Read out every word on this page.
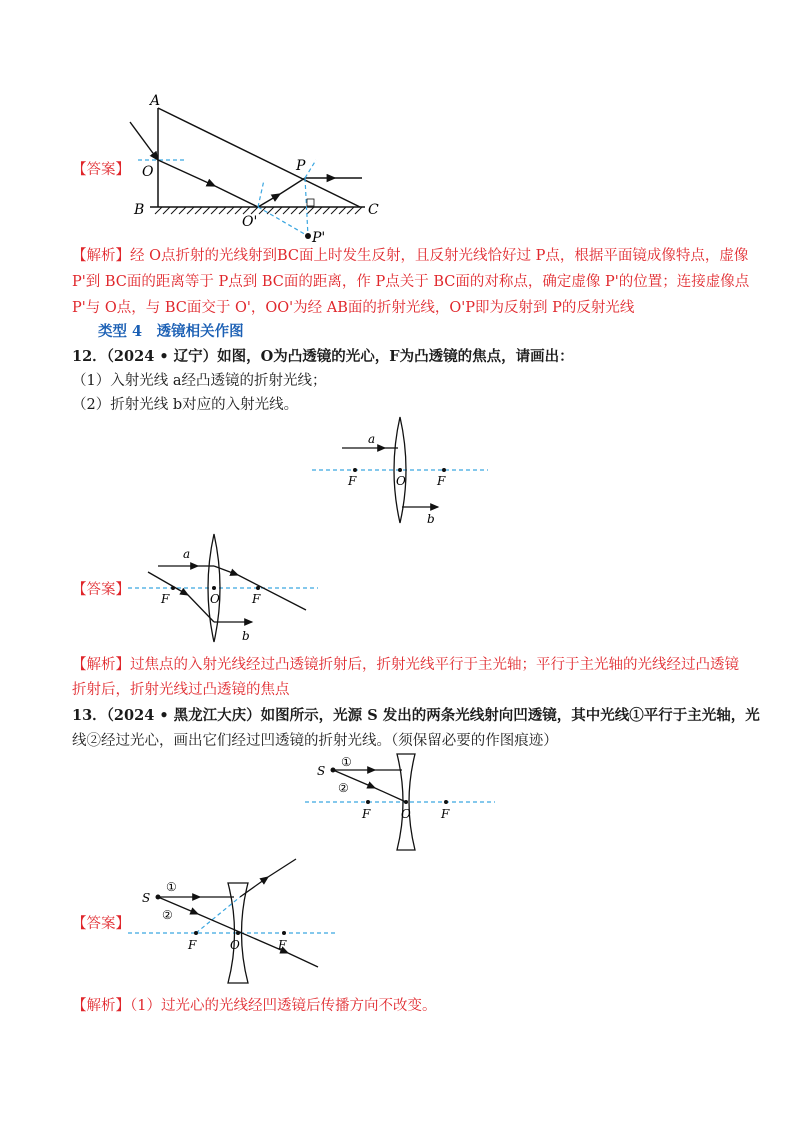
【答案】
A
O
B	C
O'
P
P'
【解析】经 O点折射的光线射到BC面上时发生反射，且反射光线恰好过 P点，根据平面镜成像特点，虚像
P'到 BC面的距离等于 P点到 BC面的距离，作 P点关于 BC面的对称点，确定虚像 P'的位置；连接虚像点
P'与 O点，与 BC面交于 O'，OO'为经 AB面的折射光线，O'P即为反射到 P的反射光线
类型 4　透镜相关作图
12．（2024 • 辽宁）如图，O为凸透镜的光心，F为凸透镜的焦点，请画出：
（1）入射光线 a经凸透镜的折射光线；
（2）折射光线 b对应的入射光线。
a
b
F	O	F
【答案】
a
b
F	O	F
【解析】过焦点的入射光线经过凸透镜折射后，折射光线平行于主光轴；平行于主光轴的光线经过凸透镜
折射后，折射光线过凸透镜的焦点
13．（2024 • 黑龙江大庆）如图所示，光源 S 发出的两条光线射向凹透镜，其中光线①平行于主光轴，光
线②经过光心，画出它们经过凹透镜的折射光线。（须保留必要的作图痕迹）
S
①
②
F	O	F
【答案】
S
①
②
F	O	F
【解析】（1）过光心的光线经凹透镜后传播方向不改变。
